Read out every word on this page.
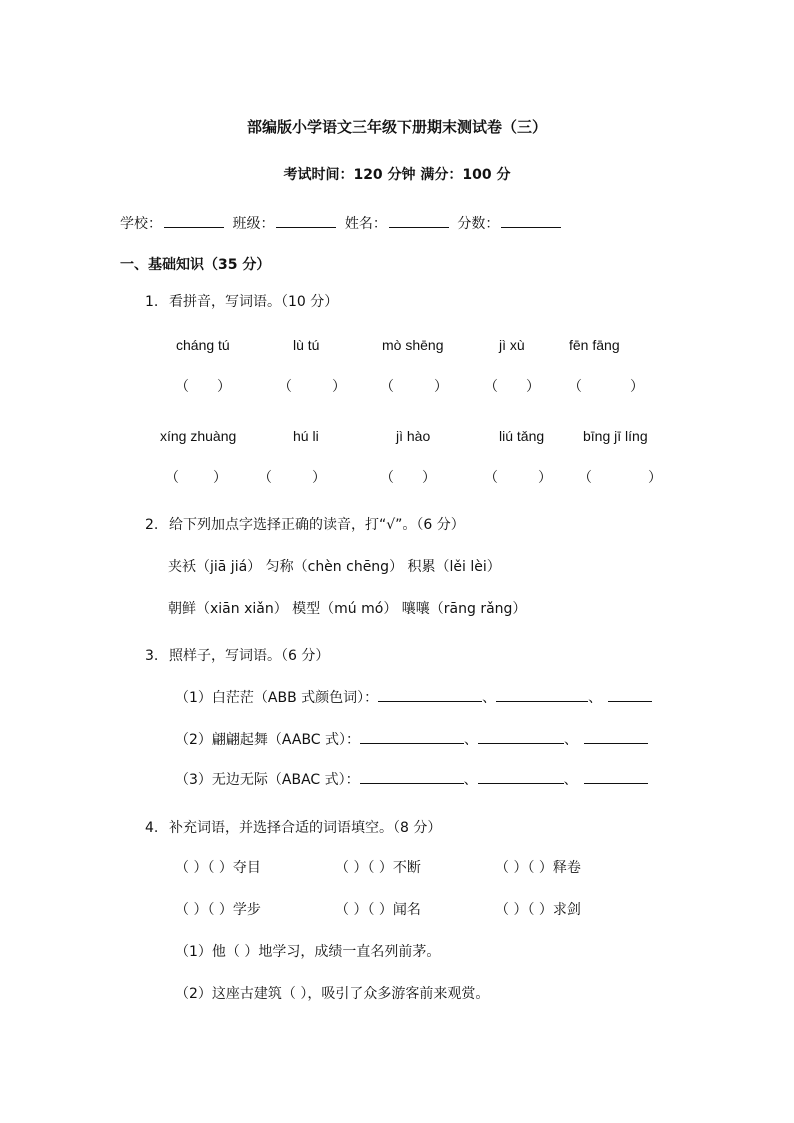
部编版小学语文三年级下册期末测试卷（三）
考试时间：120 分钟 满分：100 分
学校：	班级：	姓名：	分数：
一、基础知识（35 分）
1. 看拼音，写词语。（10 分）
cháng tú	lù tú	mò shēng	jì xù	fēn fāng
（ ）	（	） （	）	（ ） （	）
xíng zhuàng	hú li	jì hào	liú tǎng	bīng jī líng
（ ） （	）	（ ）	（	） （	）
2. 给下列加点字选择正确的读音，打“√”。（6 分）
夹袄（jiā jiá） 匀称（chèn chēng） 积累（lěi lèi）
朝鲜（xiān xiǎn） 模型（mú mó） 嚷嚷（rāng rǎng）
3. 照样子，写词语。（6 分）
（1）白茫茫（ABB 式颜色词）：	、	、
（2）翩翩起舞（AABC 式）：	、	、
（3）无边无际（ABAC 式）：	、	、
4. 补充词语，并选择合适的词语填空。（8 分）
（ ）（ ）夺目	（ ）（ ）不断	（ ）（ ）释卷
（ ）（ ）学步	（ ）（ ）闻名	（ ）（ ）求剑
（1）他（ ）地学习，成绩一直名列前茅。
（2）这座古建筑（ ），吸引了众多游客前来观赏。
